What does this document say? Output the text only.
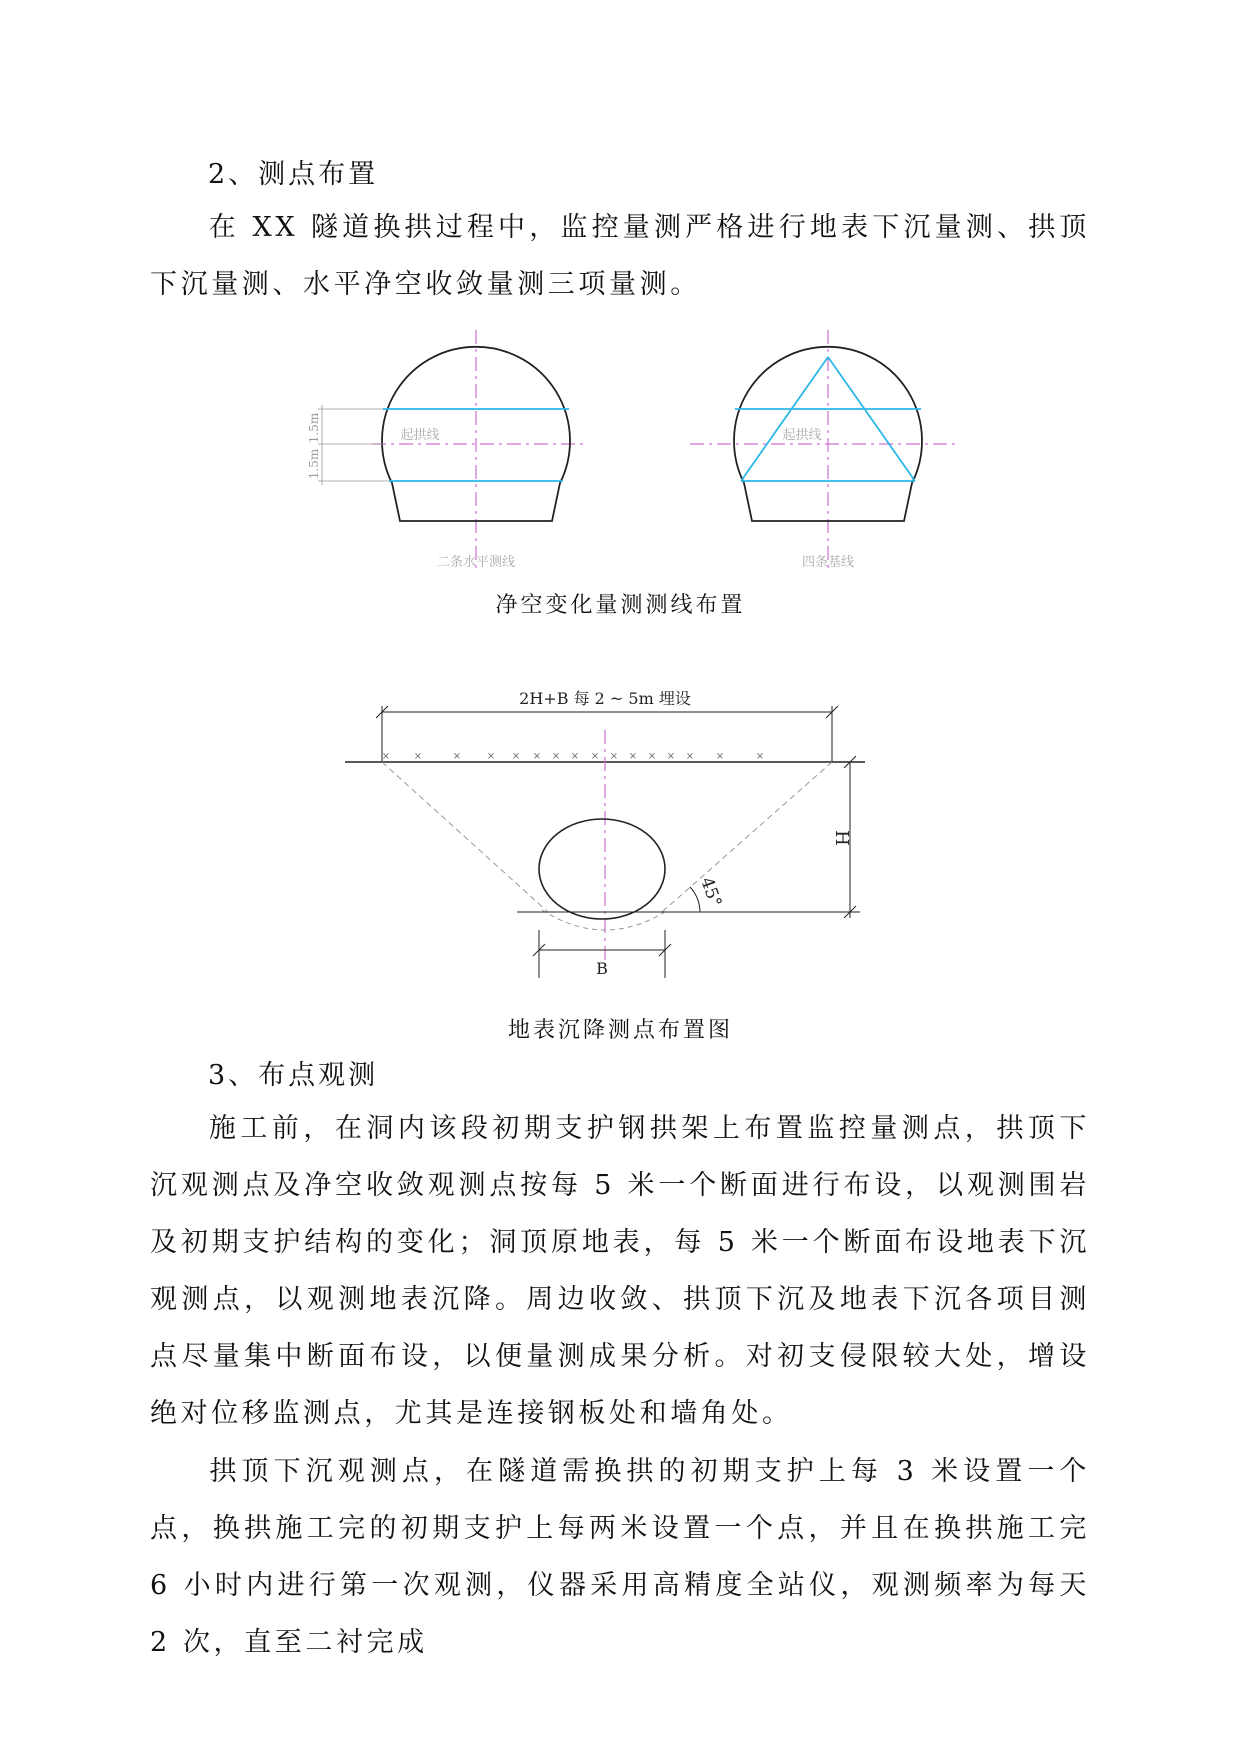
2、测点布置
在 XX 隧道换拱过程中，监控量测严格进行地表下沉量测、拱顶下沉量测、水平净空收敛量测三项量测。
1.5m
1.5m
起拱线
二条水平测线
起拱线
四条基线
净空变化量测测线布置
2H+B 每 2 ~ 5m 埋设
× ×	×	× × × × × × × × × × × ×	×
H
45°
B
地表沉降测点布置图
3、布点观测
施工前，在洞内该段初期支护钢拱架上布置监控量测点，拱顶下沉观测点及净空收敛观测点按每 5 米一个断面进行布设，以观测围岩及初期支护结构的变化；洞顶原地表，每 5 米一个断面布设地表下沉观测点，以观测地表沉降。周边收敛、拱顶下沉及地表下沉各项目测点尽量集中断面布设，以便量测成果分析。对初支侵限较大处，增设绝对位移监测点，尤其是连接钢板处和墙角处。
拱顶下沉观测点，在隧道需换拱的初期支护上每 3 米设置一个点，换拱施工完的初期支护上每两米设置一个点，并且在换拱施工完 6 小时内进行第一次观测，仪器采用高精度全站仪，观测频率为每天 2 次，直至二衬完成
